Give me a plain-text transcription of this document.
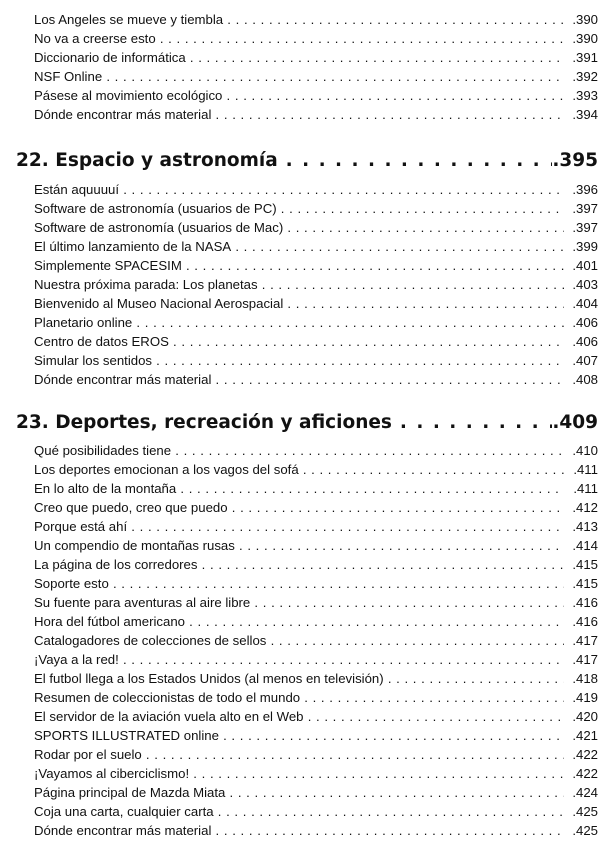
Los Angeles se mueve y tiembla . . .	.390
No va a creerse esto . . .	.390
Diccionario de informática . . .	.391
NSF Online . . .	.392
Pásese al movimiento ecológico . . .	.393
Dónde encontrar más material . . .	.394
22. Espacio y astronomía . . .	.395
Están aquuuuí . . .	.396
Software de astronomía (usuarios de PC) . . .	.397
Software de astronomía (usuarios de Mac) . . .	.397
El último lanzamiento de la NASA . . .	.399
Simplemente SPACESIM . . .	.401
Nuestra próxima parada: Los planetas . . .	.403
Bienvenido al Museo Nacional Aerospacial . . .	.404
Planetario online . . .	.406
Centro de datos EROS . . .	.406
Simular los sentidos . . .	.407
Dónde encontrar más material . . .	.408
23. Deportes, recreación y aficiones . . .	.409
Qué posibilidades tiene . . .	.410
Los deportes emocionan a los vagos del sofá . . .	.411
En lo alto de la montaña . . .	.411
Creo que puedo, creo que puedo . . .	.412
Porque está ahí . . .	.413
Un compendio de montañas rusas . . .	.414
La página de los corredores . . .	.415
Soporte esto . . .	.415
Su fuente para aventuras al aire libre . . .	.416
Hora del fútbol americano . . .	.416
Catalogadores de colecciones de sellos . . .	.417
¡Vaya a la red! . . .	.417
El futbol llega a los Estados Unidos (al menos en televisión) . . .	.418
Resumen de coleccionistas de todo el mundo . . .	.419
El servidor de la aviación vuela alto en el Web . . .	.420
SPORTS ILLUSTRATED online . . .	.421
Rodar por el suelo . . .	.422
¡Vayamos al ciberciclismo! . . .	.422
Página principal de Mazda Miata . . .	.424
Coja una carta, cualquier carta . . .	.425
Dónde encontrar más material . . .	.425
